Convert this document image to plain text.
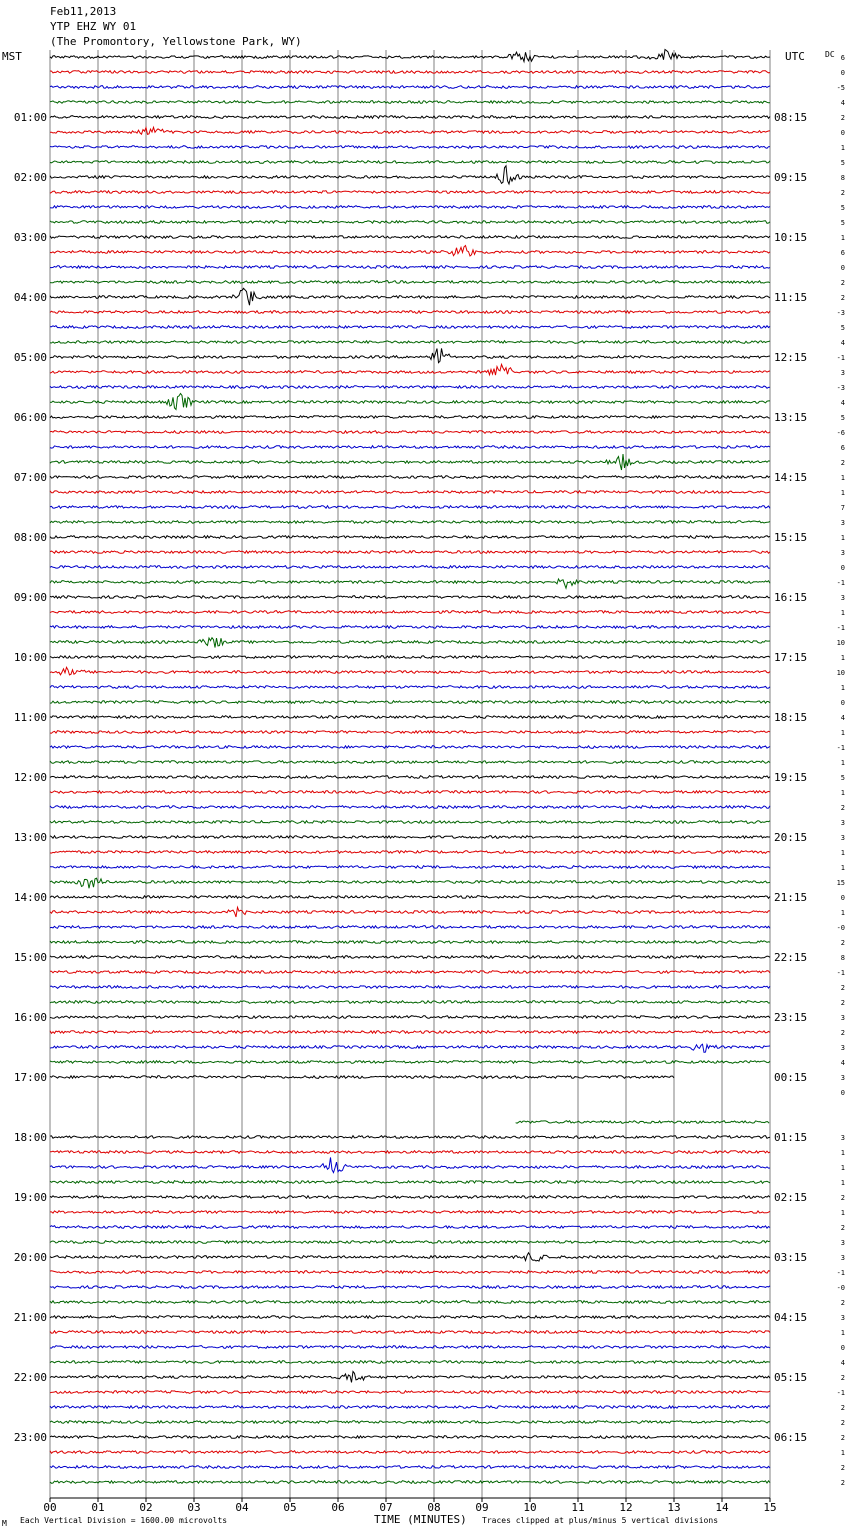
Feb11,2013
YTP EHZ WY 01
(The Promontory, Yellowstone Park, WY)
MST	UTC	DC
01:00
02:00
03:00
04:00
05:00
06:00
07:00
08:00
09:00
10:00
11:00
12:00
13:00
14:00
15:00
16:00
17:00
18:00
19:00
20:00
21:00
22:00
23:00
08:15
09:15
10:15
11:15
12:15
13:15
14:15
15:15
16:15
17:15
18:15
19:15
20:15
21:15
22:15
23:15
00:15
01:15
02:15
03:15
04:15
05:15
06:15
6
0
-5
4
2
0
1
5
8
2
5
5
1
6
0
2
2
-3
5
4
-1
3
-3
4
5
-6
6
2
1
1
7
3
1
3
0
-1
3
1
-1
10
1
10
1
0
4
1
-1
1
5
1
2
3
3
1
1
15
0
1
-0
2
8
-1
2
2
3
2
3
4
3
0
3
1
1
1
2
1
2
3
3
-1
-0
2
3
1
0
4
2
-1
2
2
2
1
2
2
00	01	02	03	04	05	06	07	08	09	10	11	12	13	14	15
M Each Vertical Division = 1600.00 microvolts	TIME (MINUTES) Traces clipped at plus/minus 5 vertical divisions
